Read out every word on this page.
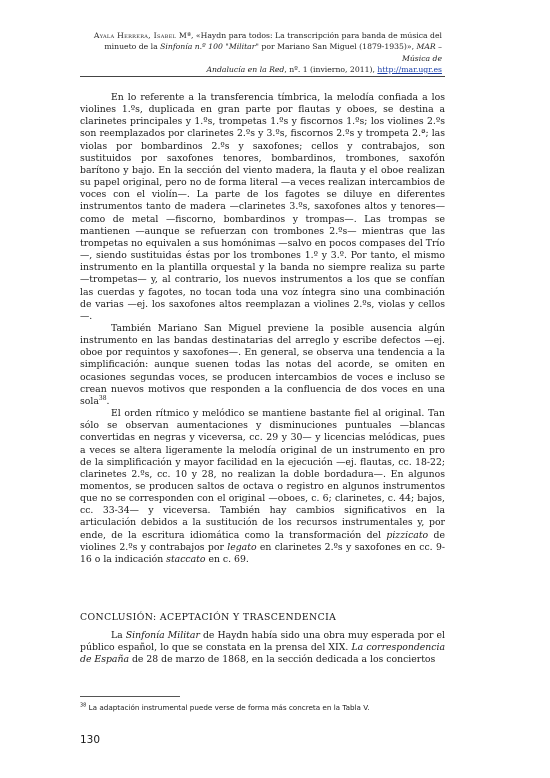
Ayala Herrera, Isabel Mª, «Haydn para todos: La transcripción para banda de música del
minueto de la Sinfonía n.º 100 "Militar" por Mariano San Miguel (1879-1935)», MAR – Música de
Andalucía en la Red, nº. 1 (invierno, 2011), http://mar.ugr.es

En lo referente a la transferencia tímbrica, la melodía confiada a los violines 1.ºs, duplicada en gran parte por flautas y oboes, se destina a clarinetes principales y 1.ºs, trompetas 1.ºs y fiscornos 1.ºs; los violines 2.ºs son reemplazados por clarinetes 2.ºs y 3.ºs, fiscornos 2.ºs y trompeta 2.ª; las violas por bombardinos 2.ºs y saxofones; cellos y contrabajos, son sustituidos por saxofones tenores, bombardinos, trombones, saxofón barítono y bajo. En la sección del viento madera, la flauta y el oboe realizan su papel original, pero no de forma literal —a veces realizan intercambios de voces con el violín—. La parte de los fagotes se diluye en diferentes instrumentos tanto de madera —clarinetes 3.ºs, saxofones altos y tenores— como de metal —fiscorno, bombardinos y trompas—. Las trompas se mantienen —aunque se refuerzan con trombones 2.ºs— mientras que las trompetas no equivalen a sus homónimas —salvo en pocos compases del Trío—, siendo sustituidas éstas por los trombones 1.º y 3.º. Por tanto, el mismo instrumento en la plantilla orquestal y la banda no siempre realiza su parte —trompetas— y, al contrario, los nuevos instrumentos a los que se confían las cuerdas y fagotes, no tocan toda una voz íntegra sino una combinación de varias —ej. los saxofones altos reemplazan a violines 2.ºs, violas y cellos—.

También Mariano San Miguel previene la posible ausencia algún instrumento en las bandas destinatarias del arreglo y escribe defectos —ej. oboe por requintos y saxofones—. En general, se observa una tendencia a la simplificación: aunque suenen todas las notas del acorde, se omiten en ocasiones segundas voces, se producen intercambios de voces e incluso se crean nuevos motivos que responden a la confluencia de dos voces en una sola$^{38}$.

El orden rítmico y melódico se mantiene bastante fiel al original. Tan sólo se observan aumentaciones y disminuciones puntuales —blancas convertidas en negras y viceversa, cc. 29 y 30— y licencias melódicas, pues a veces se altera ligeramente la melodía original de un instrumento en pro de la simplificación y mayor facilidad en la ejecución —ej. flautas, cc. 18-22; clarinetes 2.ºs, cc. 10 y 28, no realizan la doble bordadura—. En algunos momentos, se producen saltos de octava o registro en algunos instrumentos que no se corresponden con el original —oboes, c. 6; clarinetes, c. 44; bajos, cc. 33-34— y viceversa. También hay cambios significativos en la articulación debidos a la sustitución de los recursos instrumentales y, por ende, de la escritura idiomática como la transformación del pizzicato de violines 2.ºs y contrabajos por legato en clarinetes 2.ºs y saxofones en cc. 9-16 o la indicación staccato en c. 69.

CONCLUSIÓN: ACEPTACIÓN Y TRASCENDENCIA

La Sinfonía Militar de Haydn había sido una obra muy esperada por el público español, lo que se constata en la prensa del XIX. La correspondencia de España de 28 de marzo de 1868, en la sección dedicada a los conciertos

$^{38}$ La adaptación instrumental puede verse de forma más concreta en la Tabla V.
130
